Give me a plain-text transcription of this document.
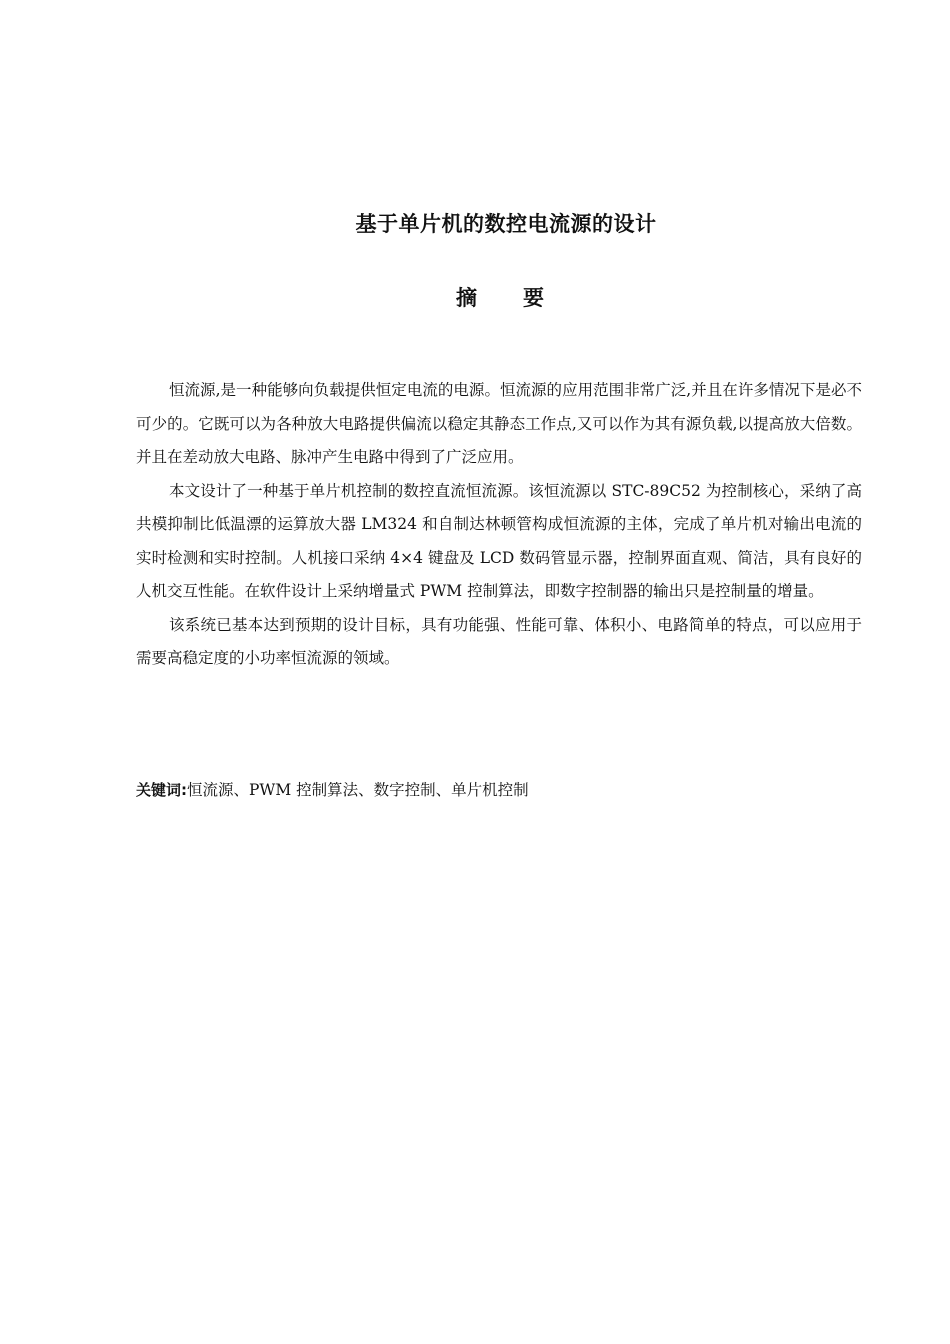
基于单片机的数控电流源的设计
摘 要

恒流源,是一种能够向负载提供恒定电流的电源。恒流源的应用范围非常广泛,并且在许多情况下是必不可少的。它既可以为各种放大电路提供偏流以稳定其静态工作点,又可以作为其有源负载,以提高放大倍数。并且在差动放大电路、脉冲产生电路中得到了广泛应用。

本文设计了一种基于单片机控制的数控直流恒流源。该恒流源以 STC-89C52 为控制核心，采纳了高共模抑制比低温漂的运算放大器 LM324 和自制达林顿管构成恒流源的主体，完成了单片机对输出电流的实时检测和实时控制。人机接口采纳 4×4 键盘及 LCD 数码管显示器，控制界面直观、简洁，具有良好的人机交互性能。在软件设计上采纳增量式 PWM 控制算法，即数字控制器的输出只是控制量的增量。

该系统已基本达到预期的设计目标，具有功能强、性能可靠、体积小、电路简单的特点，可以应用于需要高稳定度的小功率恒流源的领域。

关键词:恒流源、PWM 控制算法、数字控制、单片机控制
